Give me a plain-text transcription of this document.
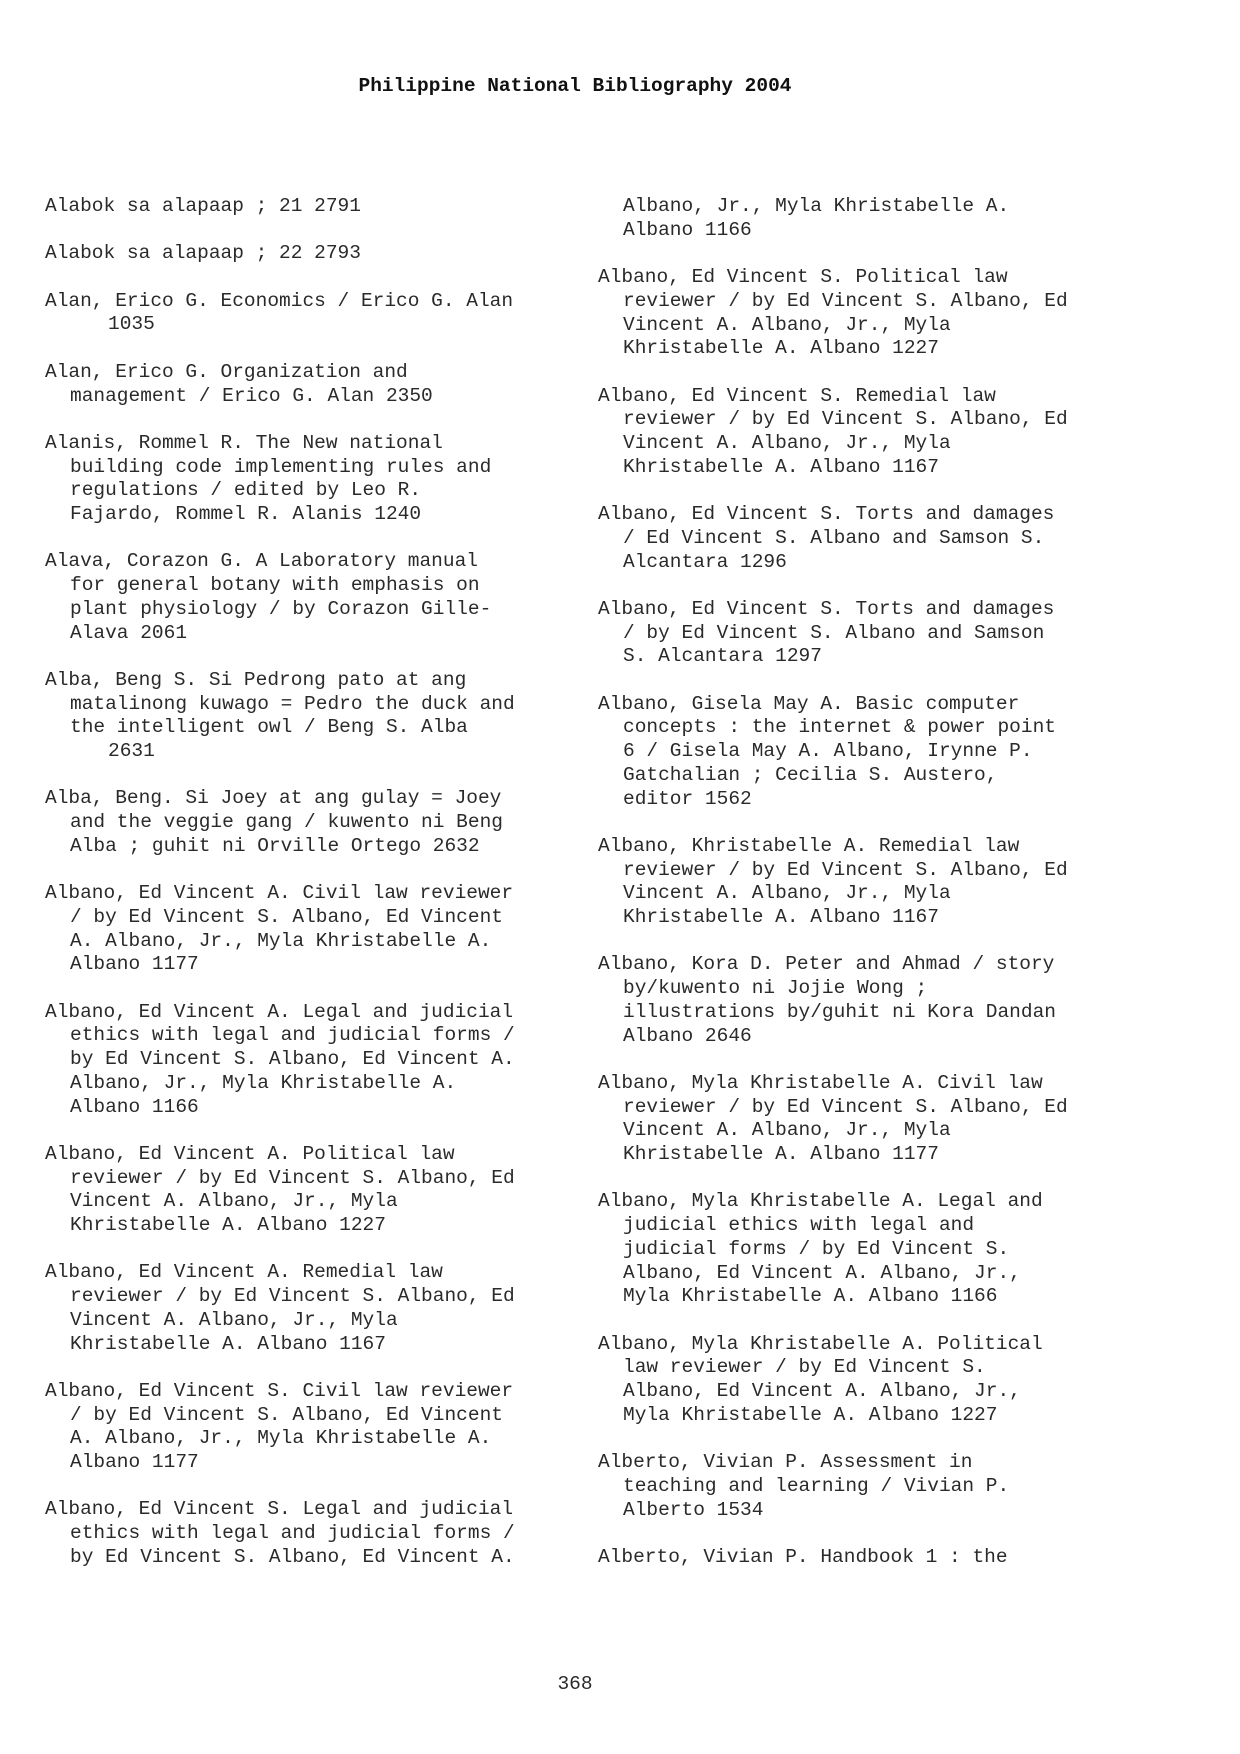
Philippine National Bibliography 2004
Alabok sa alapaap ; 21 2791
Alabok sa alapaap ; 22 2793
Alan, Erico G. Economics / Erico G. Alan
1035
Alan, Erico G. Organization and
management / Erico G. Alan 2350
Alanis, Rommel R. The New national
building code implementing rules and
regulations / edited by Leo R.
Fajardo, Rommel R. Alanis 1240
Alava, Corazon G. A Laboratory manual
for general botany with emphasis on
plant physiology / by Corazon Gille-
Alava 2061
Alba, Beng S. Si Pedrong pato at ang
matalinong kuwago = Pedro the duck and
the intelligent owl / Beng S. Alba
2631
Alba, Beng. Si Joey at ang gulay = Joey
and the veggie gang / kuwento ni Beng
Alba ; guhit ni Orville Ortego 2632
Albano, Ed Vincent A. Civil law reviewer
/ by Ed Vincent S. Albano, Ed Vincent
A. Albano, Jr., Myla Khristabelle A.
Albano 1177
Albano, Ed Vincent A. Legal and judicial
ethics with legal and judicial forms /
by Ed Vincent S. Albano, Ed Vincent A.
Albano, Jr., Myla Khristabelle A.
Albano 1166
Albano, Ed Vincent A. Political law
reviewer / by Ed Vincent S. Albano, Ed
Vincent A. Albano, Jr., Myla
Khristabelle A. Albano 1227
Albano, Ed Vincent A. Remedial law
reviewer / by Ed Vincent S. Albano, Ed
Vincent A. Albano, Jr., Myla
Khristabelle A. Albano 1167
Albano, Ed Vincent S. Civil law reviewer
/ by Ed Vincent S. Albano, Ed Vincent
A. Albano, Jr., Myla Khristabelle A.
Albano 1177
Albano, Ed Vincent S. Legal and judicial
ethics with legal and judicial forms /
by Ed Vincent S. Albano, Ed Vincent A.
Albano, Jr., Myla Khristabelle A.
Albano 1166
Albano, Ed Vincent S. Political law
reviewer / by Ed Vincent S. Albano, Ed
Vincent A. Albano, Jr., Myla
Khristabelle A. Albano 1227
Albano, Ed Vincent S. Remedial law
reviewer / by Ed Vincent S. Albano, Ed
Vincent A. Albano, Jr., Myla
Khristabelle A. Albano 1167
Albano, Ed Vincent S. Torts and damages
/ Ed Vincent S. Albano and Samson S.
Alcantara 1296
Albano, Ed Vincent S. Torts and damages
/ by Ed Vincent S. Albano and Samson
S. Alcantara 1297
Albano, Gisela May A. Basic computer
concepts : the internet & power point
6 / Gisela May A. Albano, Irynne P.
Gatchalian ; Cecilia S. Austero,
editor 1562
Albano, Khristabelle A. Remedial law
reviewer / by Ed Vincent S. Albano, Ed
Vincent A. Albano, Jr., Myla
Khristabelle A. Albano 1167
Albano, Kora D. Peter and Ahmad / story
by/kuwento ni Jojie Wong ;
illustrations by/guhit ni Kora Dandan
Albano 2646
Albano, Myla Khristabelle A. Civil law
reviewer / by Ed Vincent S. Albano, Ed
Vincent A. Albano, Jr., Myla
Khristabelle A. Albano 1177
Albano, Myla Khristabelle A. Legal and
judicial ethics with legal and
judicial forms / by Ed Vincent S.
Albano, Ed Vincent A. Albano, Jr.,
Myla Khristabelle A. Albano 1166
Albano, Myla Khristabelle A. Political
law reviewer / by Ed Vincent S.
Albano, Ed Vincent A. Albano, Jr.,
Myla Khristabelle A. Albano 1227
Alberto, Vivian P. Assessment in
teaching and learning / Vivian P.
Alberto 1534
Alberto, Vivian P. Handbook 1 : the
368
